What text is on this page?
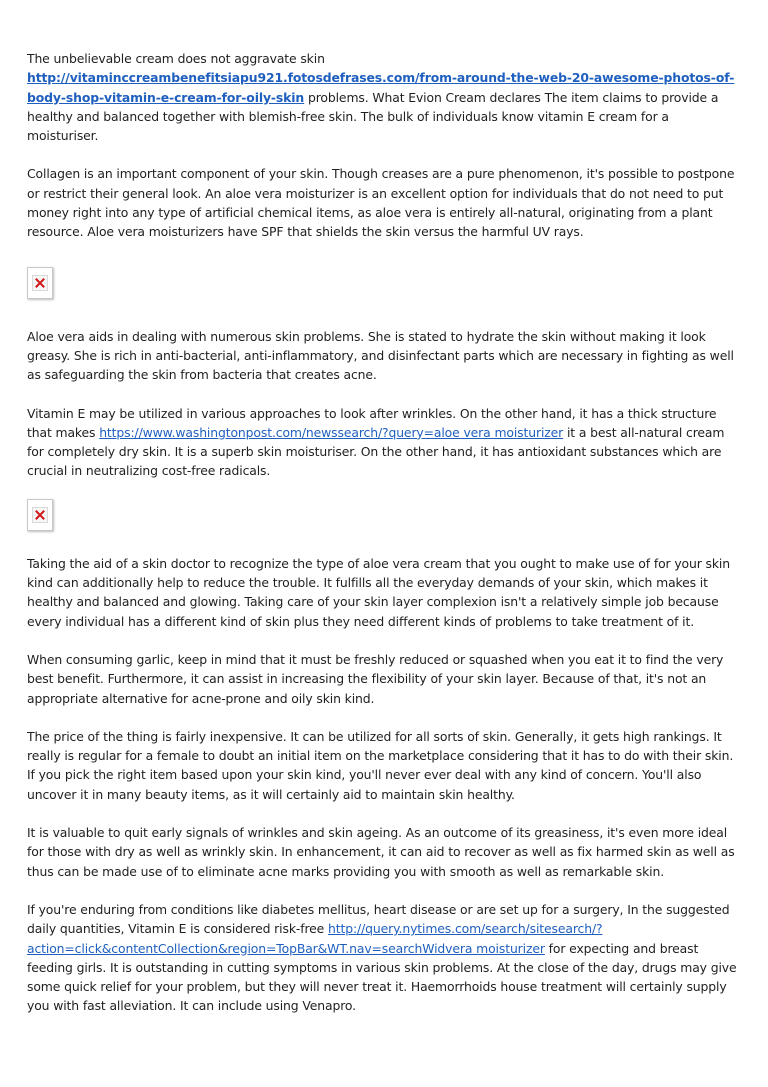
The unbelievable cream does not aggravate skin
http://vitaminccreambenefitsiapu921.fotosdefrases.com/from-around-the-web-20-awesome-photos-of-body-shop-vitamin-e-cream-for-oily-skin problems. What Evion Cream declares The item claims to provide a healthy and balanced together with blemish-free skin. The bulk of individuals know vitamin E cream for a moisturiser.

Collagen is an important component of your skin. Though creases are a pure phenomenon, it's possible to postpone or restrict their general look. An aloe vera moisturizer is an excellent option for individuals that do not need to put money right into any type of artificial chemical items, as aloe vera is entirely all-natural, originating from a plant resource. Aloe vera moisturizers have SPF that shields the skin versus the harmful UV rays.

Aloe vera aids in dealing with numerous skin problems. She is stated to hydrate the skin without making it look greasy. She is rich in anti-bacterial, anti-inflammatory, and disinfectant parts which are necessary in fighting as well as safeguarding the skin from bacteria that creates acne.

Vitamin E may be utilized in various approaches to look after wrinkles. On the other hand, it has a thick structure that makes https://www.washingtonpost.com/newssearch/?query=aloe vera moisturizer it a best all-natural cream for completely dry skin. It is a superb skin moisturiser. On the other hand, it has antioxidant substances which are crucial in neutralizing cost-free radicals.

Taking the aid of a skin doctor to recognize the type of aloe vera cream that you ought to make use of for your skin kind can additionally help to reduce the trouble. It fulfills all the everyday demands of your skin, which makes it healthy and balanced and glowing. Taking care of your skin layer complexion isn't a relatively simple job because every individual has a different kind of skin plus they need different kinds of problems to take treatment of it.

When consuming garlic, keep in mind that it must be freshly reduced or squashed when you eat it to find the very best benefit. Furthermore, it can assist in increasing the flexibility of your skin layer. Because of that, it's not an appropriate alternative for acne-prone and oily skin kind.

The price of the thing is fairly inexpensive. It can be utilized for all sorts of skin. Generally, it gets high rankings. It really is regular for a female to doubt an initial item on the marketplace considering that it has to do with their skin. If you pick the right item based upon your skin kind, you'll never ever deal with any kind of concern. You'll also uncover it in many beauty items, as it will certainly aid to maintain skin healthy.

It is valuable to quit early signals of wrinkles and skin ageing. As an outcome of its greasiness, it's even more ideal for those with dry as well as wrinkly skin. In enhancement, it can aid to recover as well as fix harmed skin as well as thus can be made use of to eliminate acne marks providing you with smooth as well as remarkable skin.

If you're enduring from conditions like diabetes mellitus, heart disease or are set up for a surgery, In the suggested daily quantities, Vitamin E is considered risk-free http://query.nytimes.com/search/sitesearch/?action=click&contentCollection&region=TopBar&WT.nav=searchWidvera moisturizer for expecting and breast feeding girls. It is outstanding in cutting symptoms in various skin problems. At the close of the day, drugs may give some quick relief for your problem, but they will never treat it. Haemorrhoids house treatment will certainly supply you with fast alleviation. It can include using Venapro.
